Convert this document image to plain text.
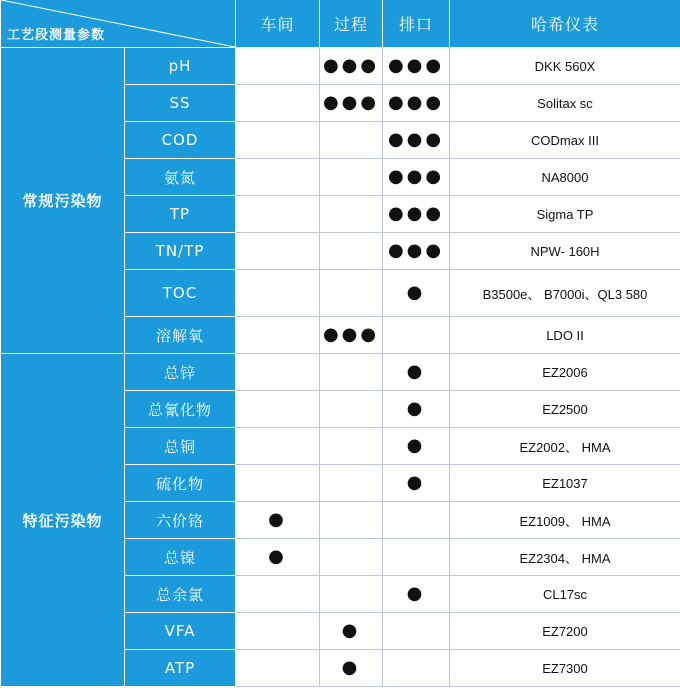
工艺段测量参数		车间	过程	排口	哈希仪表
常规污染物	pH		●●●	●●●	DKK 560X
	SS		●●●	●●●	Solitax sc
	COD			●●●	CODmax III
	氨氮			●●●	NA8000
	TP			●●●	Sigma TP
	TN/TP			●●●	NPW- 160H
	TOC			●	B3500e、 B7000i、QL3 580
	溶解氧		●●●		LDO II
特征污染物	总锌			●	EZ2006
	总氰化物			●	EZ2500
	总铜			●	EZ2002、 HMA
	硫化物			●	EZ1037
	六价铬	●			EZ1009、 HMA
	总镍	●			EZ2304、 HMA
	总余氯			●	CL17sc
	VFA		●		EZ7200
	ATP		●		EZ7300
